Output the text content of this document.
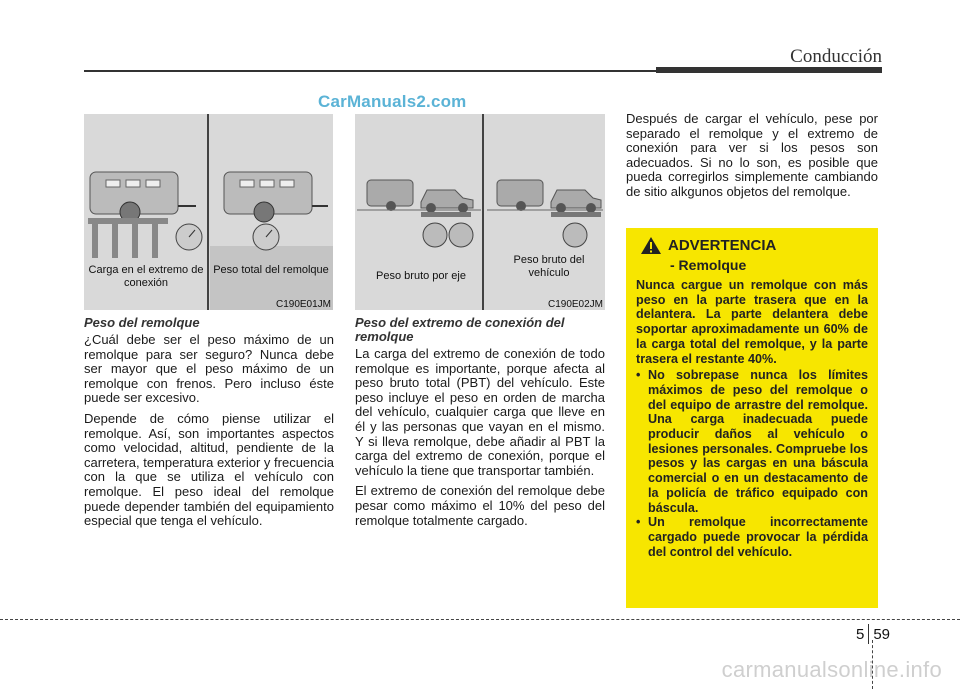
Conducción
CarManuals2.com
Carga en el extremo de conexión
Peso total del remolque
C190E01JM
Peso bruto por eje
Peso bruto del vehículo
C190E02JM
Peso del remolque

¿Cuál debe ser el peso máximo de un remolque para ser seguro? Nunca debe ser mayor que el peso máximo de un remolque con frenos. Pero incluso éste puede ser excesivo.

Depende de cómo piense utilizar el remolque. Así, son importantes aspectos como velocidad, altitud, pendiente de la carretera, temperatura exterior y frecuencia con la que se utiliza el vehículo con remolque. El peso ideal del remolque puede depender también del equipamiento especial que tenga el vehículo.

Peso del extremo de conexión del remolque

La carga del extremo de conexión de todo remolque es importante, porque afecta al peso bruto total (PBT) del vehículo. Este peso incluye el peso en orden de marcha del vehículo, cualquier carga que lleve en él y las personas que vayan en el mismo. Y si lleva remolque, debe añadir al PBT la carga del extremo de conexión, porque el vehículo la tiene que transportar también.

El extremo de conexión del remolque debe pesar como máximo el 10% del peso del remolque totalmente cargado.

Después de cargar el vehículo, pese por separado el remolque y el extremo de conexión para ver si los pesos son adecuados. Si no lo son, es posible que pueda corregirlos simplemente cambiando de sitio alkgunos objetos del remolque.

ADVERTENCIA
- Remolque
Nunca cargue un remolque con más peso en la parte trasera que en la delantera. La parte delantera debe soportar aproximadamente un 60% de la carga total del remolque, y la parte trasera el restante 40%.
• No sobrepase nunca los límites máximos de peso del remolque o del equipo de arrastre del remolque. Una carga inadecuada puede producir daños al vehículo o lesiones personales. Compruebe los pesos y las cargas en una báscula comercial o en un destacamento de la policía de tráfico equipado con báscula.
• Un remolque incorrectamente cargado puede provocar la pérdida del control del vehículo.
5 59
carmanualsonline.info
